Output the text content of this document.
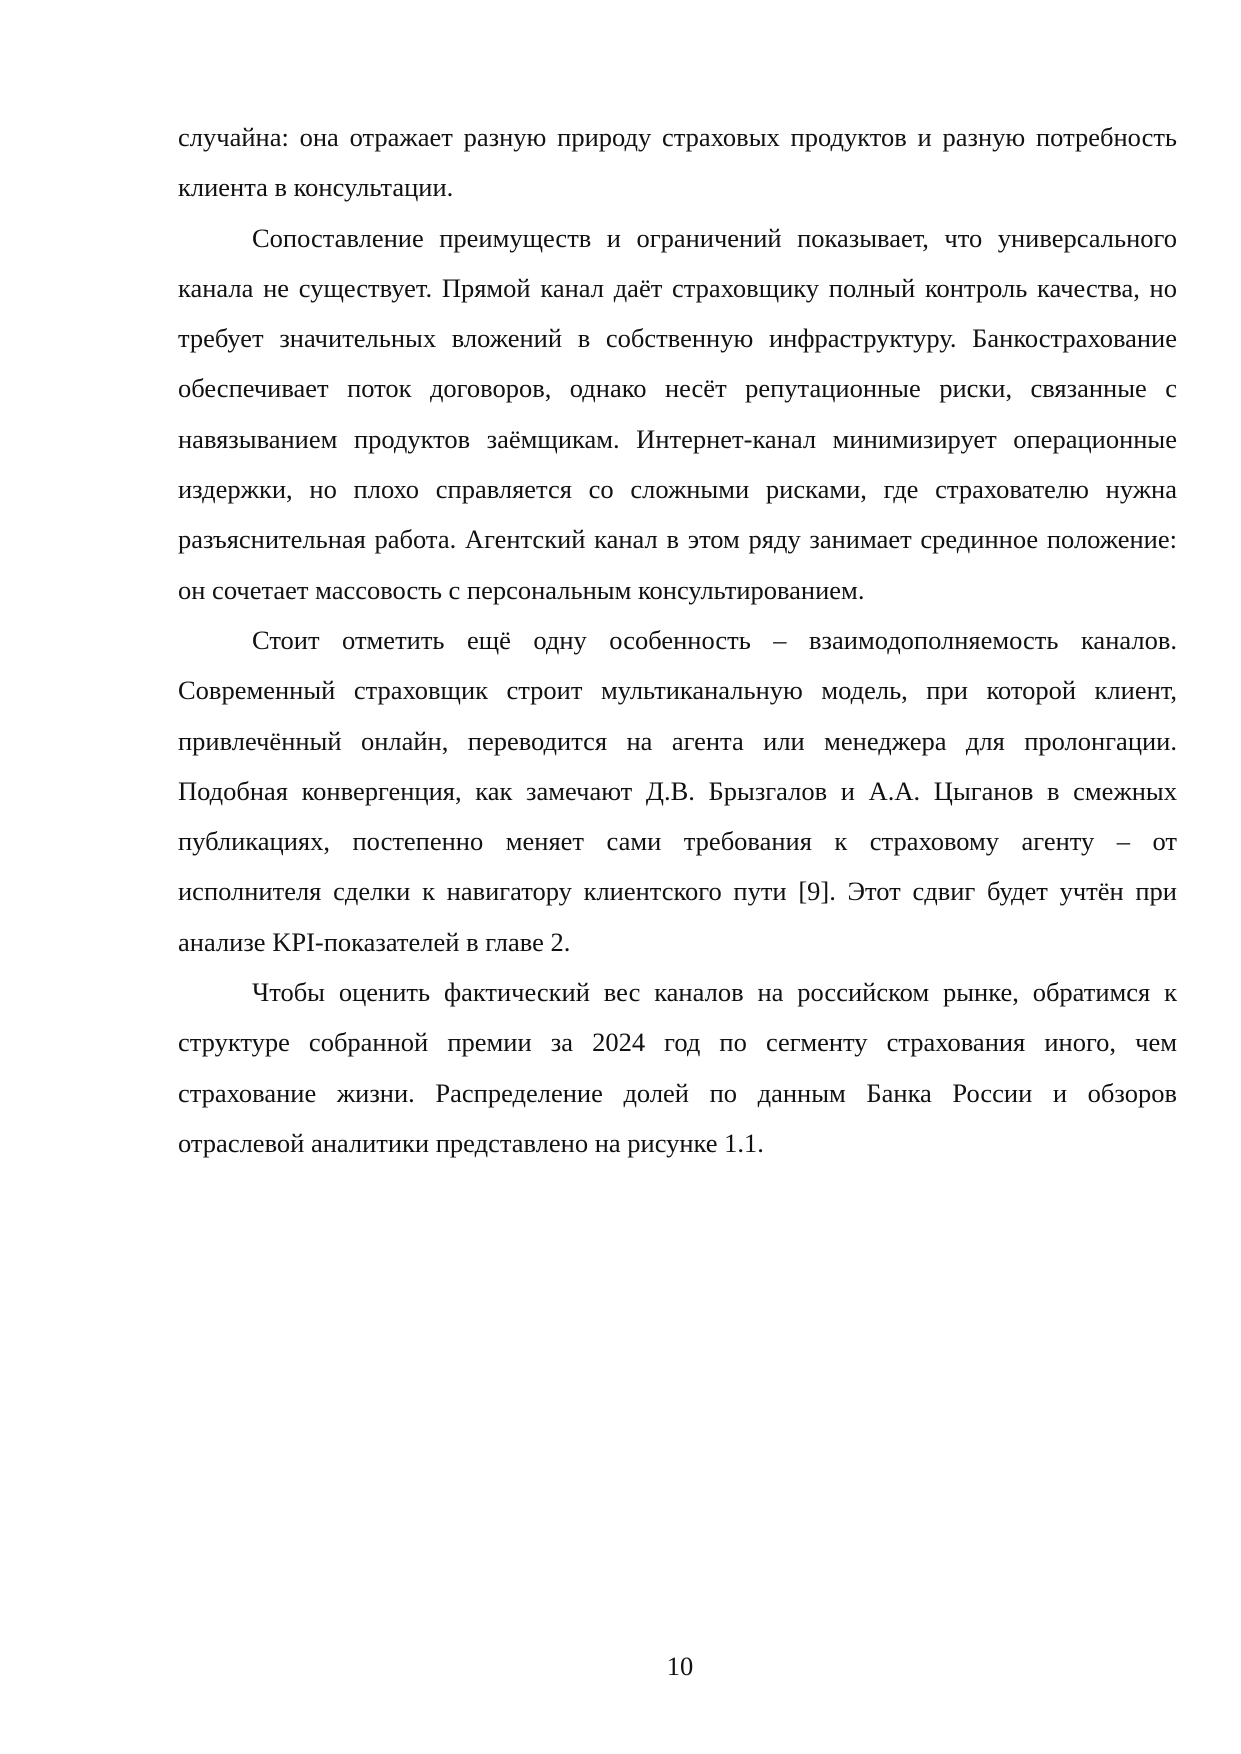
случайна: она отражает разную природу страховых продуктов и разную потребность клиента в консультации.

Сопоставление преимуществ и ограничений показывает, что универсального канала не существует. Прямой канал даёт страховщику полный контроль качества, но требует значительных вложений в собственную инфраструктуру. Банкострахование обеспечивает поток договоров, однако несёт репутационные риски, связанные с навязыванием продуктов заёмщикам. Интернет-канал минимизирует операционные издержки, но плохо справляется со сложными рисками, где страхователю нужна разъяснительная работа. Агентский канал в этом ряду занимает срединное положение: он сочетает массовость с персональным консультированием.

Стоит отметить ещё одну особенность – взаимодополняемость каналов. Современный страховщик строит мультиканальную модель, при которой клиент, привлечённый онлайн, переводится на агента или менеджера для пролонгации. Подобная конвергенция, как замечают Д.В. Брызгалов и А.А. Цыганов в смежных публикациях, постепенно меняет сами требования к страховому агенту – от исполнителя сделки к навигатору клиентского пути [9]. Этот сдвиг будет учтён при анализе KPI-показателей в главе 2.

Чтобы оценить фактический вес каналов на российском рынке, обратимся к структуре собранной премии за 2024 год по сегменту страхования иного, чем страхование жизни. Распределение долей по данным Банка России и обзоров отраслевой аналитики представлено на рисунке 1.1.

10
